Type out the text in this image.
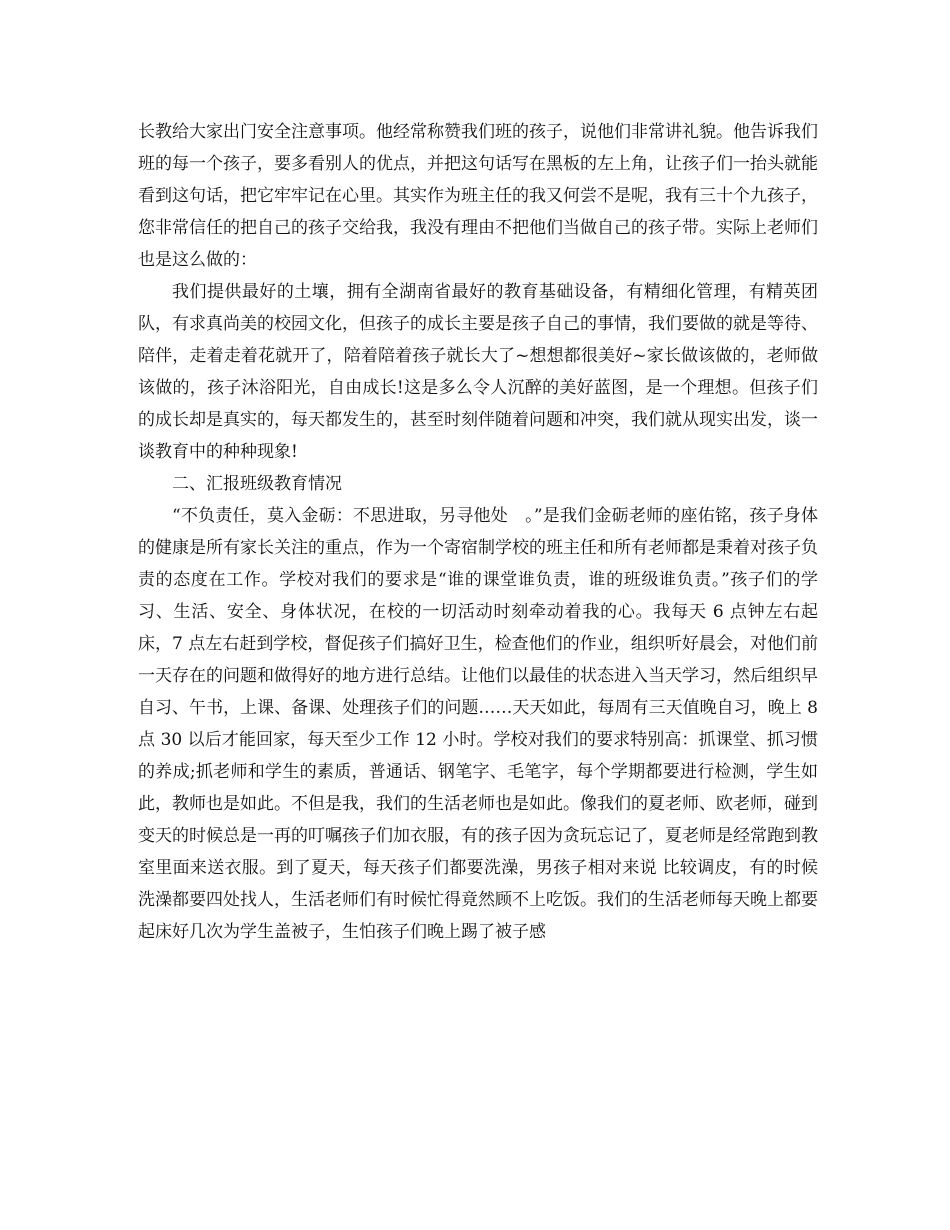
长教给大家出门安全注意事项。他经常称赞我们班的孩子，说他们非常讲礼貌。他告诉我们班的每一个孩子，要多看别人的优点，并把这句话写在黑板的左上角，让孩子们一抬头就能看到这句话，把它牢牢记在心里。其实作为班主任的我又何尝不是呢，我有三十个九孩子，您非常信任的把自己的孩子交给我，我没有理由不把他们当做自己的孩子带。实际上老师们也是这么做的：

我们提供最好的土壤，拥有全湖南省最好的教育基础设备，有精细化管理，有精英团队，有求真尚美的校园文化，但孩子的成长主要是孩子自己的事情，我们要做的就是等待、陪伴，走着走着花就开了，陪着陪着孩子就长大了~想想都很美好~家长做该做的，老师做该做的，孩子沐浴阳光，自由成长!这是多么令人沉醉的美好蓝图，是一个理想。但孩子们的成长却是真实的，每天都发生的，甚至时刻伴随着问题和冲突，我们就从现实出发，谈一谈教育中的种种现象!

二、汇报班级教育情况

“不负责任，莫入金砺：不思进取，另寻他处　。”是我们金砺老师的座佑铭，孩子身体的健康是所有家长关注的重点，作为一个寄宿制学校的班主任和所有老师都是秉着对孩子负责的态度在工作。学校对我们的要求是“谁的课堂谁负责，谁的班级谁负责。”孩子们的学习、生活、安全、身体状况，在校的一切活动时刻牵动着我的心。我每天 6 点钟左右起床，7 点左右赶到学校，督促孩子们搞好卫生，检查他们的作业，组织听好晨会，对他们前一天存在的问题和做得好的地方进行总结。让他们以最佳的状态进入当天学习，然后组织早自习、午书，上课、备课、处理孩子们的问题……天天如此，每周有三天值晚自习，晚上 8 点 30 以后才能回家，每天至少工作 12 小时。学校对我们的要求特别高：抓课堂、抓习惯的养成;抓老师和学生的素质，普通话、钢笔字、毛笔字，每个学期都要进行检测，学生如此，教师也是如此。不但是我，我们的生活老师也是如此。像我们的夏老师、欧老师，碰到变天的时候总是一再的叮嘱孩子们加衣服，有的孩子因为贪玩忘记了，夏老师是经常跑到教室里面来送衣服。到了夏天，每天孩子们都要洗澡，男孩子相对来说 比较调皮，有的时候洗澡都要四处找人，生活老师们有时候忙得竟然顾不上吃饭。我们的生活老师每天晚上都要起床好几次为学生盖被子，生怕孩子们晚上踢了被子感
